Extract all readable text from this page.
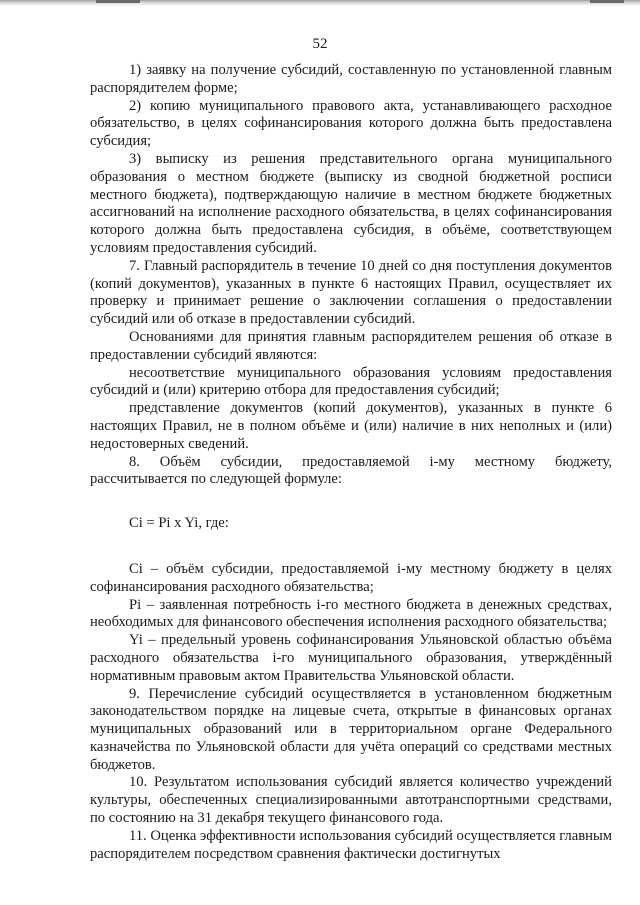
52

1) заявку на получение субсидий, составленную по установленной главным распорядителем форме;

2) копию муниципального правового акта, устанавливающего расходное обязательство, в целях софинансирования которого должна быть предоставлена субсидия;

3) выписку из решения представительного органа муниципального образования о местном бюджете (выписку из сводной бюджетной росписи местного бюджета), подтверждающую наличие в местном бюджете бюджетных ассигнований на исполнение расходного обязательства, в целях софинансирования которого должна быть предоставлена субсидия, в объёме, соответствующем условиям предоставления субсидий.

7. Главный распорядитель в течение 10 дней со дня поступления документов (копий документов), указанных в пункте 6 настоящих Правил, осуществляет их проверку и принимает решение о заключении соглашения о предоставлении субсидий или об отказе в предоставлении субсидий.

Основаниями для принятия главным распорядителем решения об отказе в предоставлении субсидий являются:

несоответствие муниципального образования условиям предоставления субсидий и (или) критерию отбора для предоставления субсидий;

представление документов (копий документов), указанных в пункте 6 настоящих Правил, не в полном объёме и (или) наличие в них неполных и (или) недостоверных сведений.

8. Объём субсидии, предоставляемой i-му местному бюджету, рассчитывается по следующей формуле:

Ci = Pi x Yi, где:

Ci – объём субсидии, предоставляемой i-му местному бюджету в целях софинансирования расходного обязательства;

Pi – заявленная потребность i-го местного бюджета в денежных средствах, необходимых для финансового обеспечения исполнения расходного обязательства;

Yi – предельный уровень софинансирования Ульяновской областью объёма расходного обязательства i-го муниципального образования, утверждённый нормативным правовым актом Правительства Ульяновской области.

9. Перечисление субсидий осуществляется в установленном бюджетным законодательством порядке на лицевые счета, открытые в финансовых органах муниципальных образований или в территориальном органе Федерального казначейства по Ульяновской области для учёта операций со средствами местных бюджетов.

10. Результатом использования субсидий является количество учреждений культуры, обеспеченных специализированными автотранспортными средствами, по состоянию на 31 декабря текущего финансового года.

11. Оценка эффективности использования субсидий осуществляется главным распорядителем посредством сравнения фактически достигнутых
